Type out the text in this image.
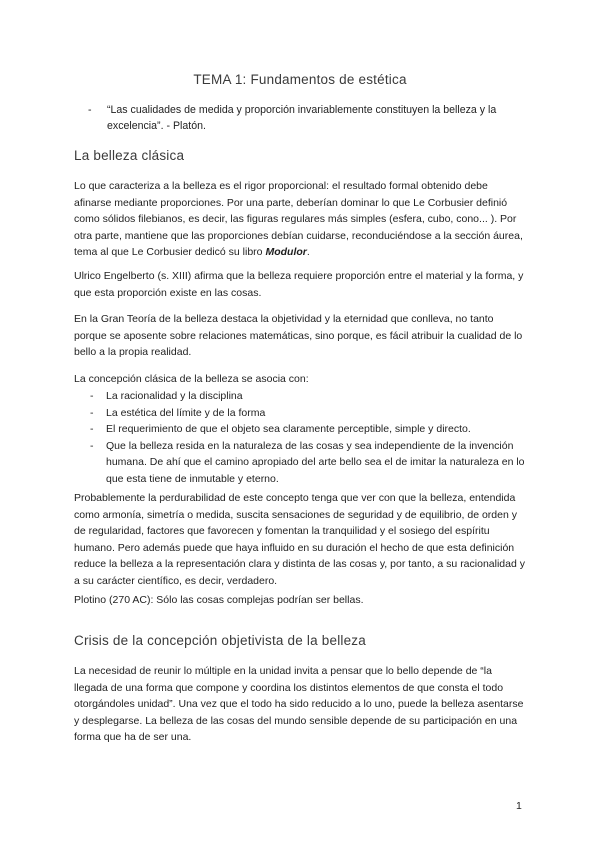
TEMA 1: Fundamentos de estética
-	“Las cualidades de medida y proporción invariablemente constituyen la belleza y la excelencia”. - Platón.
La belleza clásica
Lo que caracteriza a la belleza es el rigor proporcional: el resultado formal obtenido debe afinarse mediante proporciones. Por una parte, deberían dominar lo que Le Corbusier definió como sólidos filebianos, es decir, las figuras regulares más simples (esfera, cubo, cono... ). Por otra parte, mantiene que las proporciones debían cuidarse, reconduciéndose a la sección áurea, tema al que Le Corbusier dedicó su libro Modulor.
Ulrico Engelberto (s. XIII) afirma que la belleza requiere proporción entre el material y la forma, y que esta proporción existe en las cosas.
En la Gran Teoría de la belleza destaca la objetividad y la eternidad que conlleva, no tanto porque se aposente sobre relaciones matemáticas, sino porque, es fácil atribuir la cualidad de lo bello a la propia realidad.
La concepción clásica de la belleza se asocia con:
- La racionalidad y la disciplina
- La estética del límite y de la forma
- El requerimiento de que el objeto sea claramente perceptible, simple y directo.
- Que la belleza resida en la naturaleza de las cosas y sea independiente de la invención humana. De ahí que el camino apropiado del arte bello sea el de imitar la naturaleza en lo que esta tiene de inmutable y eterno.
Probablemente la perdurabilidad de este concepto tenga que ver con que la belleza, entendida como armonía, simetría o medida, suscita sensaciones de seguridad y de equilibrio, de orden y de regularidad, factores que favorecen y fomentan la tranquilidad y el sosiego del espíritu humano. Pero además puede que haya influido en su duración el hecho de que esta definición reduce la belleza a la representación clara y distinta de las cosas y, por tanto, a su racionalidad y a su carácter científico, es decir, verdadero.
Plotino (270 AC): Sólo las cosas complejas podrían ser bellas.
Crisis de la concepción objetivista de la belleza
La necesidad de reunir lo múltiple en la unidad invita a pensar que lo bello depende de “la llegada de una forma que compone y coordina los distintos elementos de que consta el todo otorgándoles unidad”. Una vez que el todo ha sido reducido a lo uno, puede la belleza asentarse y desplegarse. La belleza de las cosas del mundo sensible depende de su participación en una forma que ha de ser una.
1
